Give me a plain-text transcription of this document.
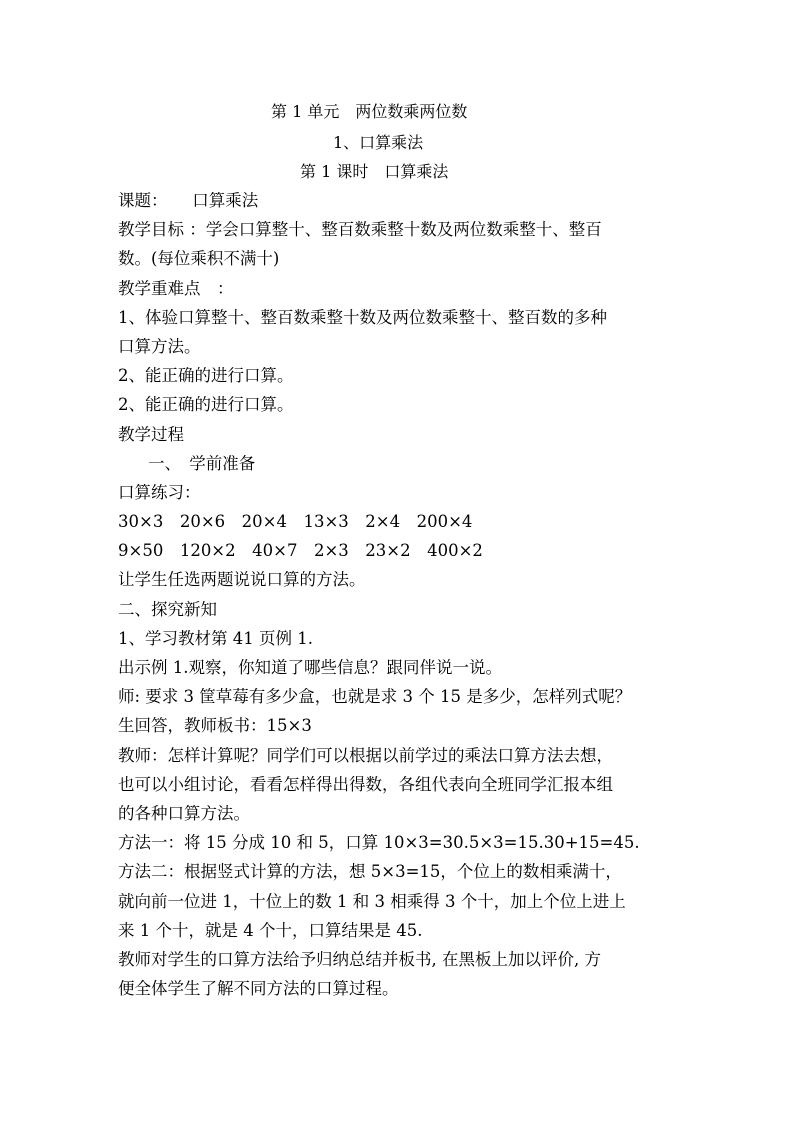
第 1 单元　两位数乘两位数
1、口算乘法
第 1 课时　口算乘法
课题：　　口算乘法
教学目标 ：学会口算整十、整百数乘整十数及两位数乘整十、整百
数。(每位乘积不满十)
教学重难点　：
1、体验口算整十、整百数乘整十数及两位数乘整十、整百数的多种
口算方法。
2、能正确的进行口算。
2、能正确的进行口算。
教学过程
一、　学前准备
口算练习：
30×3　20×6　20×4　13×3　2×4　200×4
9×50　120×2　40×7　2×3　23×2　400×2
让学生任选两题说说口算的方法。
二、探究新知
1、学习教材第 41 页例 1.
出示例 1.观察，你知道了哪些信息？跟同伴说一说。
师: 要求 3 筐草莓有多少盒，也就是求 3 个 15 是多少，怎样列式呢？
生回答，教师板书：15×3
教师：怎样计算呢？同学们可以根据以前学过的乘法口算方法去想，
也可以小组讨论，看看怎样得出得数，各组代表向全班同学汇报本组
的各种口算方法。
方法一：将 15 分成 10 和 5，口算 10×3=30.5×3=15.30+15=45.
方法二：根据竖式计算的方法，想 5×3=15，个位上的数相乘满十，
就向前一位进 1，十位上的数 1 和 3 相乘得 3 个十，加上个位上进上
来 1 个十，就是 4 个十，口算结果是 45.
教师对学生的口算方法给予归纳总结并板书, 在黑板上加以评价, 方
便全体学生了解不同方法的口算过程。
